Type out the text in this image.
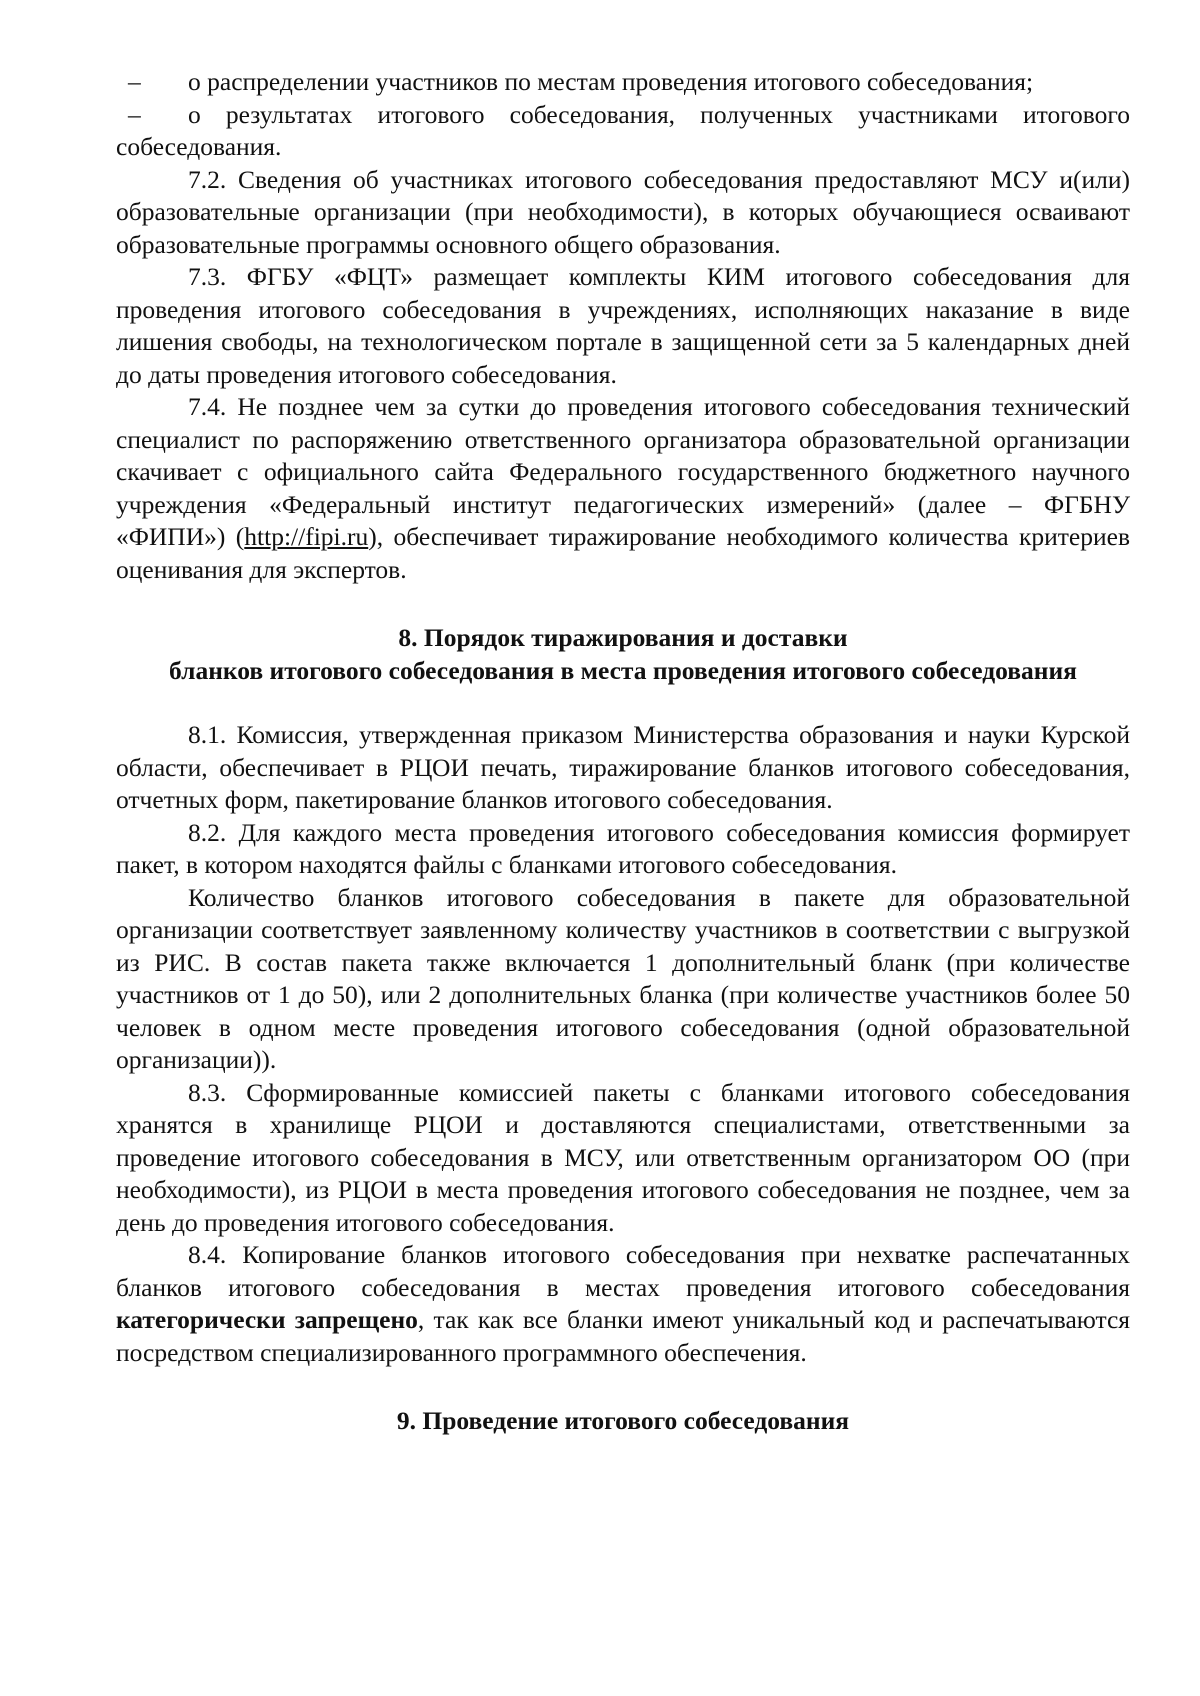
– о распределении участников по местам проведения итогового собеседования;

– о результатах итогового собеседования, полученных участниками итогового собеседования.

7.2. Сведения об участниках итогового собеседования предоставляют МСУ и(или) образовательные организации (при необходимости), в которых обучающиеся осваивают образовательные программы основного общего образования.

7.3. ФГБУ «ФЦТ» размещает комплекты КИМ итогового собеседования для проведения итогового собеседования в учреждениях, исполняющих наказание в виде лишения свободы, на технологическом портале в защищенной сети за 5 календарных дней до даты проведения итогового собеседования.

7.4. Не позднее чем за сутки до проведения итогового собеседования технический специалист по распоряжению ответственного организатора образовательной организации скачивает с официального сайта Федерального государственного бюджетного научного учреждения «Федеральный институт педагогических измерений» (далее – ФГБНУ «ФИПИ») (http://fipi.ru), обеспечивает тиражирование необходимого количества критериев оценивания для экспертов.

8. Порядок тиражирования и доставки

бланков итогового собеседования в места проведения итогового собеседования

8.1. Комиссия, утвержденная приказом Министерства образования и науки Курской области, обеспечивает в РЦОИ печать, тиражирование бланков итогового собеседования, отчетных форм, пакетирование бланков итогового собеседования.

8.2. Для каждого места проведения итогового собеседования комиссия формирует пакет, в котором находятся файлы с бланками итогового собеседования.

Количество бланков итогового собеседования в пакете для образовательной организации соответствует заявленному количеству участников в соответствии с выгрузкой из РИС. В состав пакета также включается 1 дополнительный бланк (при количестве участников от 1 до 50), или 2 дополнительных бланка (при количестве участников более 50 человек в одном месте проведения итогового собеседования (одной образовательной организации)).

8.3. Сформированные комиссией пакеты с бланками итогового собеседования хранятся в хранилище РЦОИ и доставляются специалистами, ответственными за проведение итогового собеседования в МСУ, или ответственным организатором ОО (при необходимости), из РЦОИ в места проведения итогового собеседования не позднее, чем за день до проведения итогового собеседования.

8.4. Копирование бланков итогового собеседования при нехватке распечатанных бланков итогового собеседования в местах проведения итогового собеседования категорически запрещено, так как все бланки имеют уникальный код и распечатываются посредством специализированного программного обеспечения.

9. Проведение итогового собеседования
